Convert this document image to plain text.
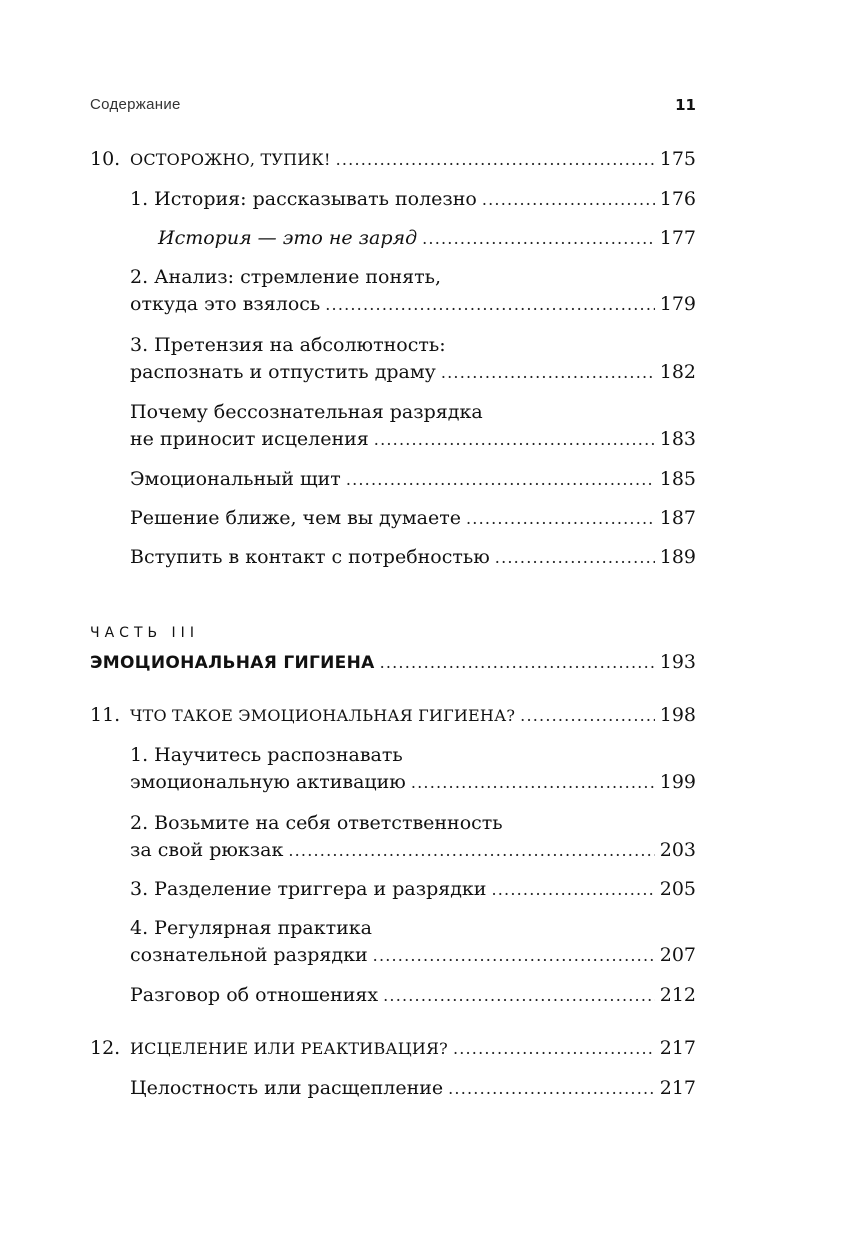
Содержание	11
10. ОСТОРОЖНО, ТУПИК! .....	175
1. История: рассказывать полезно .....	176
История — это не заряд .....	177
2. Анализ: стремление понять,
откуда это взялось .....	179
3. Претензия на абсолютность:
распознать и отпустить драму .....	182
Почему бессознательная разрядка
не приносит исцеления .....	183
Эмоциональный щит .....	185
Решение ближе, чем вы думаете .....	187
Вступить в контакт с потребностью .....	189
ЧАСТЬ III
ЭМОЦИОНАЛЬНАЯ ГИГИЕНА .....	193
11. ЧТО ТАКОЕ ЭМОЦИОНАЛЬНАЯ ГИГИЕНА? .....	198
1. Научитесь распознавать
эмоциональную активацию .....	199
2. Возьмите на себя ответственность
за свой рюкзак .....	203
3. Разделение триггера и разрядки .....	205
4. Регулярная практика
сознательной разрядки .....	207
Разговор об отношениях .....	212
12. ИСЦЕЛЕНИЕ ИЛИ РЕАКТИВАЦИЯ? .....	217
Целостность или расщепление .....	217
